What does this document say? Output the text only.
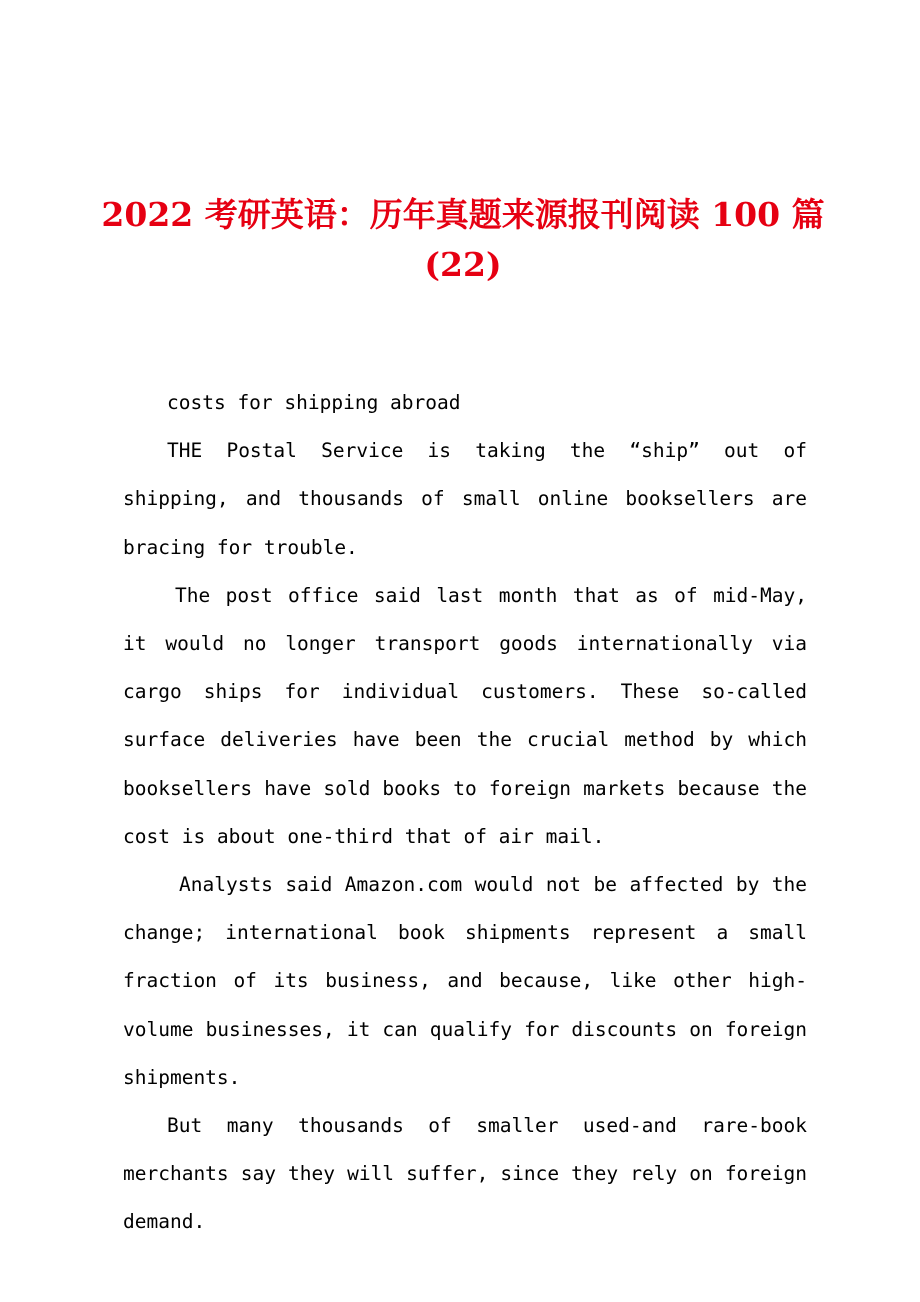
2022 考研英语：历年真题来源报刊阅读 100 篇
(22)

costs for shipping abroad

THE Postal Service is taking the “ship” out of shipping, and thousands of small online booksellers are bracing for trouble.

The post office said last month that as of mid-May, it would no longer transport goods internationally via cargo ships for individual customers. These so-called surface deliveries have been the crucial method by which booksellers have sold books to foreign markets because the cost is about one-third that of air mail.

Analysts said Amazon.com would not be affected by the change; international book shipments represent a small fraction of its business, and because, like other high-volume businesses, it can qualify for discounts on foreign shipments.

But many thousands of smaller used-and rare-book merchants say they will suffer, since they rely on foreign demand.
